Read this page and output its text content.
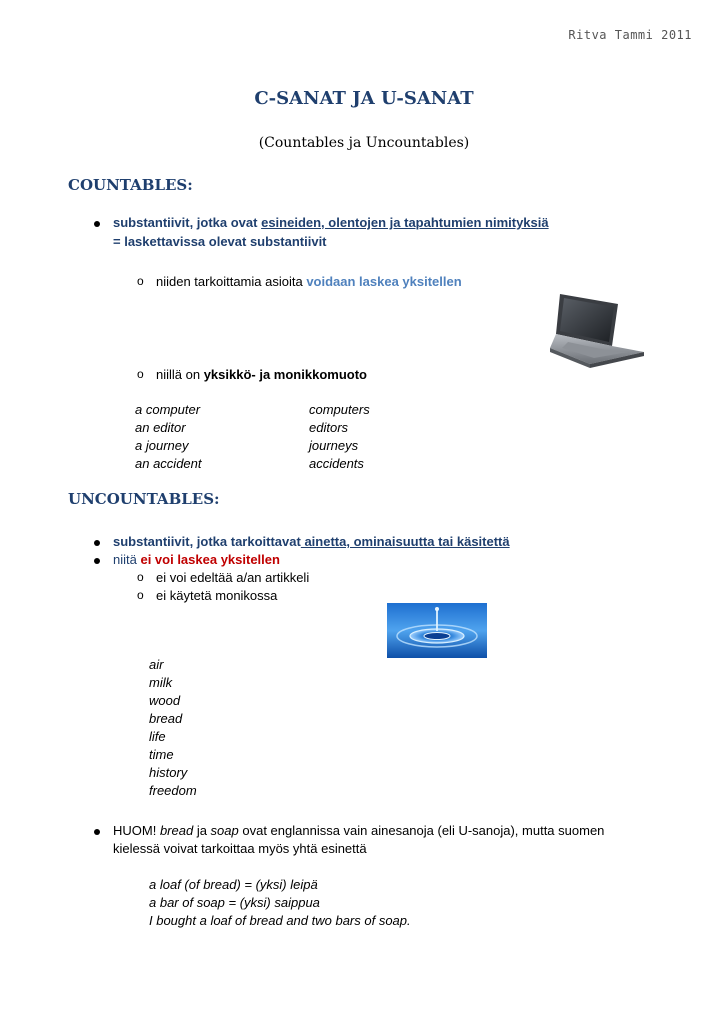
Ritva Tammi 2011
C-SANAT JA U-SANAT
(Countables ja Uncountables)
COUNTABLES:
substantiivit, jotka ovat esineiden, olentojen ja tapahtumien nimityksiä
= laskettavissa olevat substantiivit
o niiden tarkoittamia asioita voidaan laskea yksitellen
o niillä on yksikkö- ja monikkomuoto
a computer	computers
an editor	editors
a journey	journeys
an accident	accidents
UNCOUNTABLES:
substantiivit, jotka tarkoittavat ainetta, ominaisuutta tai käsitettä
niitä ei voi laskea yksitellen
o ei voi edeltää a/an artikkeli
o ei käytetä monikossa
air
milk
wood
bread
life
time
history
freedom
HUOM! bread ja soap ovat englannissa vain ainesanoja (eli U-sanoja), mutta suomen
kielessä voivat tarkoittaa myös yhtä esinettä
a loaf (of bread) = (yksi) leipä
a bar of soap = (yksi) saippua
I bought a loaf of bread and two bars of soap.
